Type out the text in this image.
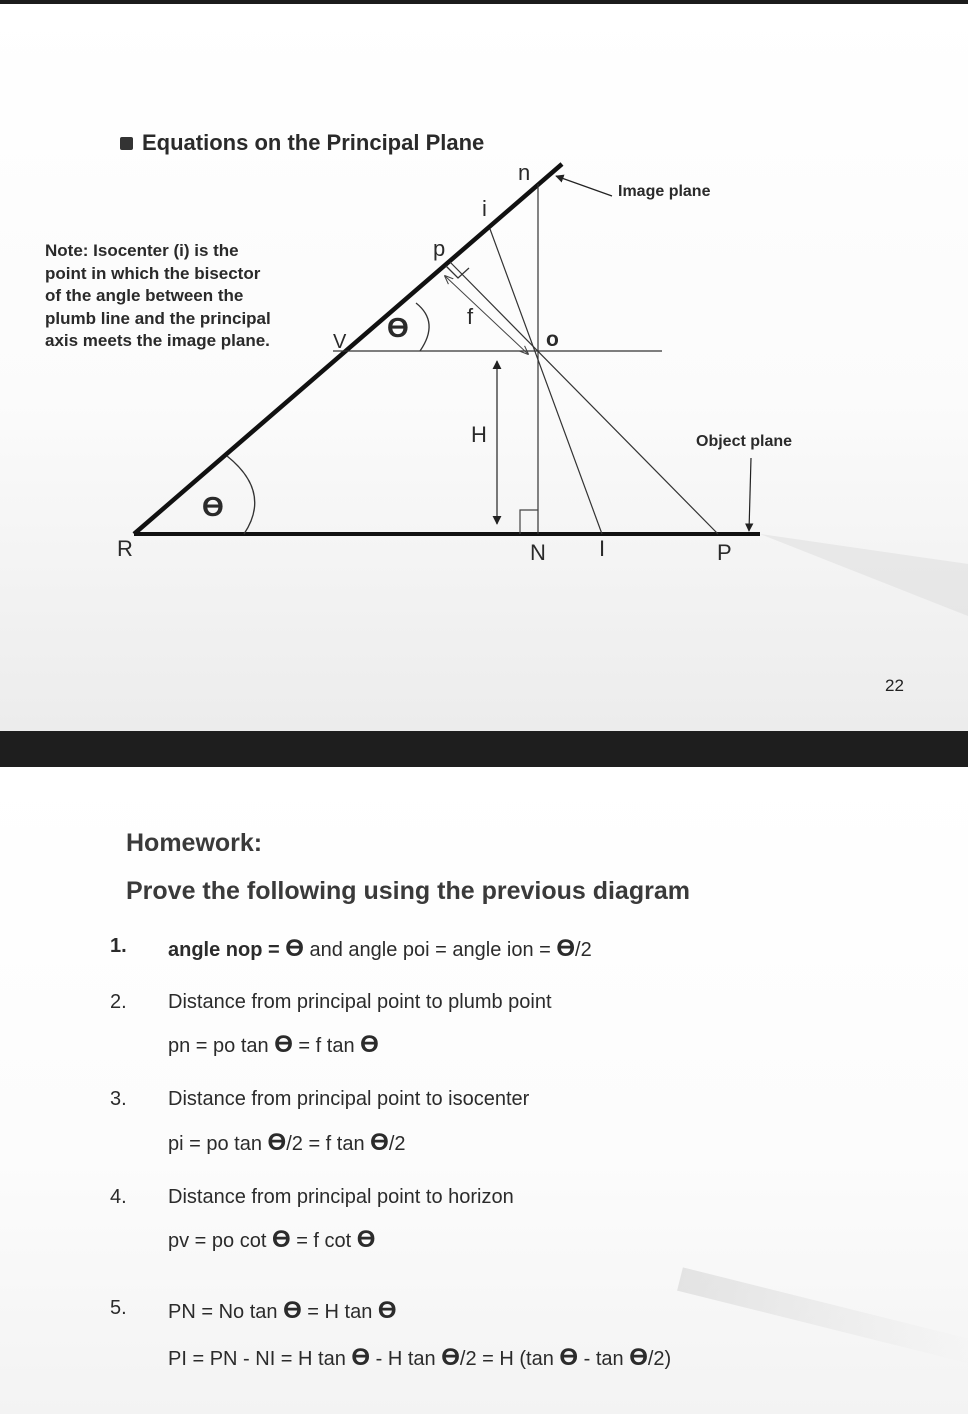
Equations on the Principal Plane
Note: Isocenter (i) is the
point in which the bisector
of the angle between the
plumb line and the principal
axis meets the image plane.
n
i
p
f
V	o
H
ϴ
ϴ
R	N I	P
Image plane
Object plane
22
Homework:
Prove the following using the previous diagram
1. angle nop = ϴ and angle poi = angle ion = ϴ/2
2. Distance from principal point to plumb point
pn = po tan ϴ = f tan ϴ
3. Distance from principal point to isocenter
pi = po tan ϴ/2 = f tan ϴ/2
4. Distance from principal point to horizon
pv = po cot ϴ = f cot ϴ
5. PN = No tan ϴ = H tan ϴ
PI = PN - NI = H tan ϴ - H tan ϴ/2 = H (tan ϴ - tan ϴ/2)
